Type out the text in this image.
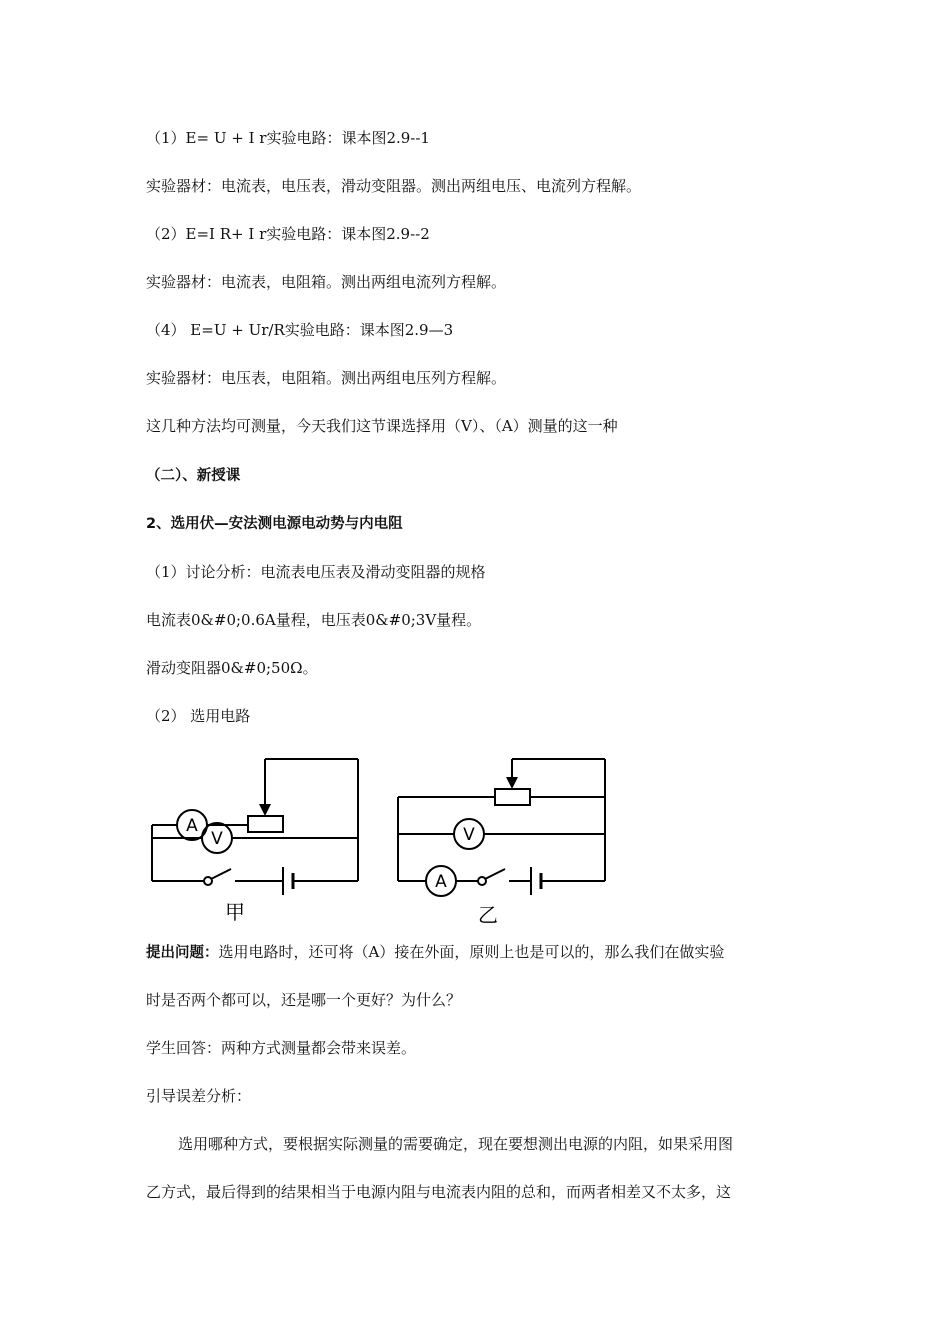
（1）E= U + I r实验电路：课本图2.9--1
实验器材：电流表，电压表，滑动变阻器。测出两组电压、电流列方程解。
（2）E=I R+ I r实验电路：课本图2.9--2
实验器材：电流表，电阻箱。测出两组电流列方程解。
（4） E=U + Ur/R实验电路：课本图2.9—3
实验器材：电压表，电阻箱。测出两组电压列方程解。
这几种方法均可测量，今天我们这节课选择用（V）、（A）测量的这一种
（二）、新授课
2、选用伏—安法测电源电动势与内电阻
（1）讨论分析：电流表电压表及滑动变阻器的规格
电流表0&#0;0.6A量程，电压表0&#0;3V量程。
滑动变阻器0&#0;50Ω。
（2） 选用电路
A
V	V
A
甲	乙
提出问题：选用电路时，还可将（A）接在外面，原则上也是可以的，那么我们在做实验
时是否两个都可以，还是哪一个更好？为什么？
学生回答：两种方式测量都会带来误差。
引导误差分析：
选用哪种方式，要根据实际测量的需要确定，现在要想测出电源的内阻，如果采用图
乙方式，最后得到的结果相当于电源内阻与电流表内阻的总和，而两者相差又不太多，这
